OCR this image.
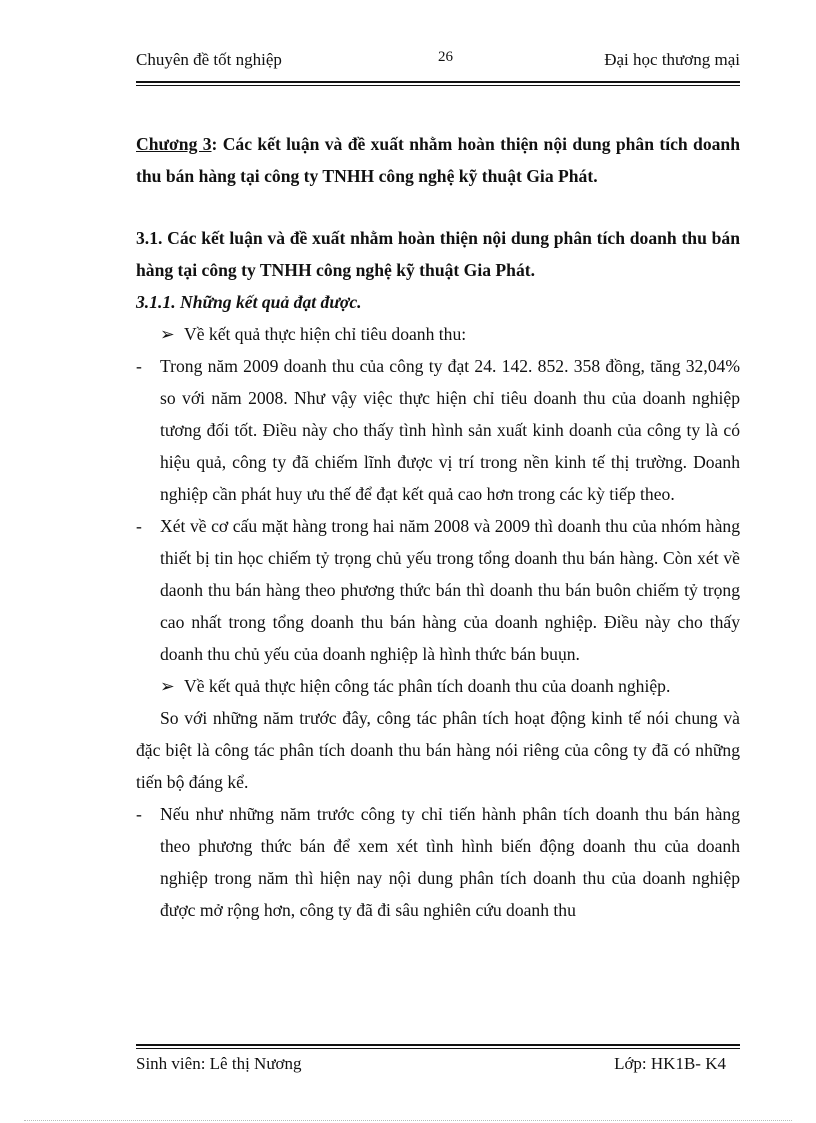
Chuyên đề tốt nghiệp	26	Đại học thương mại

Chương 3: Các kết luận và đề xuất nhằm hoàn thiện nội dung phân tích doanh thu bán hàng tại công ty TNHH công nghệ kỹ thuật Gia Phát.

3.1. Các kết luận và đề xuất nhằm hoàn thiện nội dung phân tích doanh thu bán hàng tại công ty TNHH công nghệ kỹ thuật Gia Phát.

3.1.1. Những kết quả đạt được.

➢ Về kết quả thực hiện chỉ tiêu doanh thu:

- Trong năm 2009 doanh thu của công ty đạt 24. 142. 852. 358 đồng, tăng 32,04% so với năm 2008. Như vậy việc thực hiện chỉ tiêu doanh thu của doanh nghiệp tương đối tốt. Điều này cho thấy tình hình sản xuất kinh doanh của công ty là có hiệu quả, công ty đã chiếm lĩnh được vị trí trong nền kinh tế thị trường. Doanh nghiệp cần phát huy ưu thế để đạt kết quả cao hơn trong các kỳ tiếp theo.

- Xét về cơ cấu mặt hàng trong hai năm 2008 và 2009 thì doanh thu của nhóm hàng thiết bị tin học chiếm tỷ trọng chủ yếu trong tổng doanh thu bán hàng. Còn xét về daonh thu bán hàng theo phương thức bán thì doanh thu bán buôn chiếm tỷ trọng cao nhất trong tổng doanh thu bán hàng của doanh nghiệp. Điều này cho thấy doanh thu chủ yếu của doanh nghiệp là hình thức bán buụn.

➢ Về kết quả thực hiện công tác phân tích doanh thu của doanh nghiệp.

So với những năm trước đây, công tác phân tích hoạt động kinh tế nói chung và đặc biệt là công tác phân tích doanh thu bán hàng nói riêng của công ty đã có những tiến bộ đáng kể.

- Nếu như những năm trước công ty chỉ tiến hành phân tích doanh thu bán hàng theo phương thức bán để xem xét tình hình biến động doanh thu của doanh nghiệp trong năm thì hiện nay nội dung phân tích doanh thu của doanh nghiệp được mở rộng hơn, công ty đã đi sâu nghiên cứu doanh thu

Sinh viên: Lê thị Nương	Lớp: HK1B- K4
